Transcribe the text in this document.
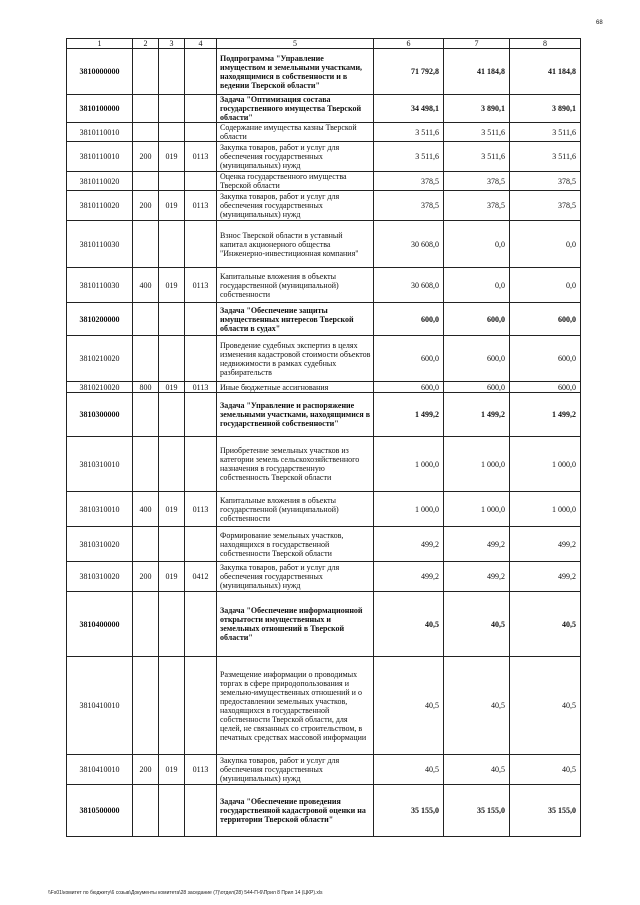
68
1	2	3	4	5	6	7	8
3810000000				Подпрограмма "Управление имуществом и земельными участками, находящимися в собственности и в ведении Тверской области"	71 792,8	41 184,8	41 184,8
3810100000				Задача "Оптимизация состава государственного имущества Тверской области"	34 498,1	3 890,1	3 890,1
3810110010				Содержание имущества казны Тверской области	3 511,6	3 511,6	3 511,6
3810110010	200	019	0113	Закупка товаров, работ и услуг для обеспечения государственных (муниципальных) нужд	3 511,6	3 511,6	3 511,6
3810110020				Оценка государственного имущества Тверской области	378,5	378,5	378,5
3810110020	200	019	0113	Закупка товаров, работ и услуг для обеспечения государственных (муниципальных) нужд	378,5	378,5	378,5
3810110030				Взнос Тверской области в уставный капитал акционерного общества "Инженерно-инвестиционная компания"	30 608,0	0,0	0,0
3810110030	400	019	0113	Капитальные вложения в объекты государственной (муниципальной) собственности	30 608,0	0,0	0,0
3810200000				Задача "Обеспечение защиты имущественных интересов Тверской области в судах"	600,0	600,0	600,0
3810210020				Проведение судебных экспертиз в целях изменения кадастровой стоимости объектов недвижимости в рамках судебных разбирательств	600,0	600,0	600,0
3810210020	800	019	0113	Иные бюджетные ассигнования	600,0	600,0	600,0
3810300000				Задача "Управление и распоряжение земельными участками, находящимися в государственной собственности"	1 499,2	1 499,2	1 499,2
3810310010				Приобретение земельных участков из категории земель сельскохозяйственного назначения в государственную собственность Тверской области	1 000,0	1 000,0	1 000,0
3810310010	400	019	0113	Капитальные вложения в объекты государственной (муниципальной) собственности	1 000,0	1 000,0	1 000,0
3810310020				Формирование земельных участков, находящихся в государственной собственности Тверской области	499,2	499,2	499,2
3810310020	200	019	0412	Закупка товаров, работ и услуг для обеспечения государственных (муниципальных) нужд	499,2	499,2	499,2
3810400000				Задача "Обеспечение информационной открытости имущественных и земельных отношений в Тверской области"	40,5	40,5	40,5
3810410010				Размещение информации о проводимых торгах в сфере природопользования и земельно-имущественных отношений и о предоставлении земельных участков, находящихся в государственной собственности Тверской области, для целей, не связанных со строительством, в печатных средствах массовой информации	40,5	40,5	40,5
3810410010	200	019	0113	Закупка товаров, работ и услуг для обеспечения государственных (муниципальных) нужд	40,5	40,5	40,5
3810500000				Задача "Обеспечение проведения государственной кадастровой оценки на территории Тверской области"	35 155,0	35 155,0	35 155,0
\\Fs01\комитет по бюджету\6 созыв\Документы комитета\28 заседание (7)\отдел(28) 544-П-6\Прил 8 Прил 14 (ЦКР).xls
